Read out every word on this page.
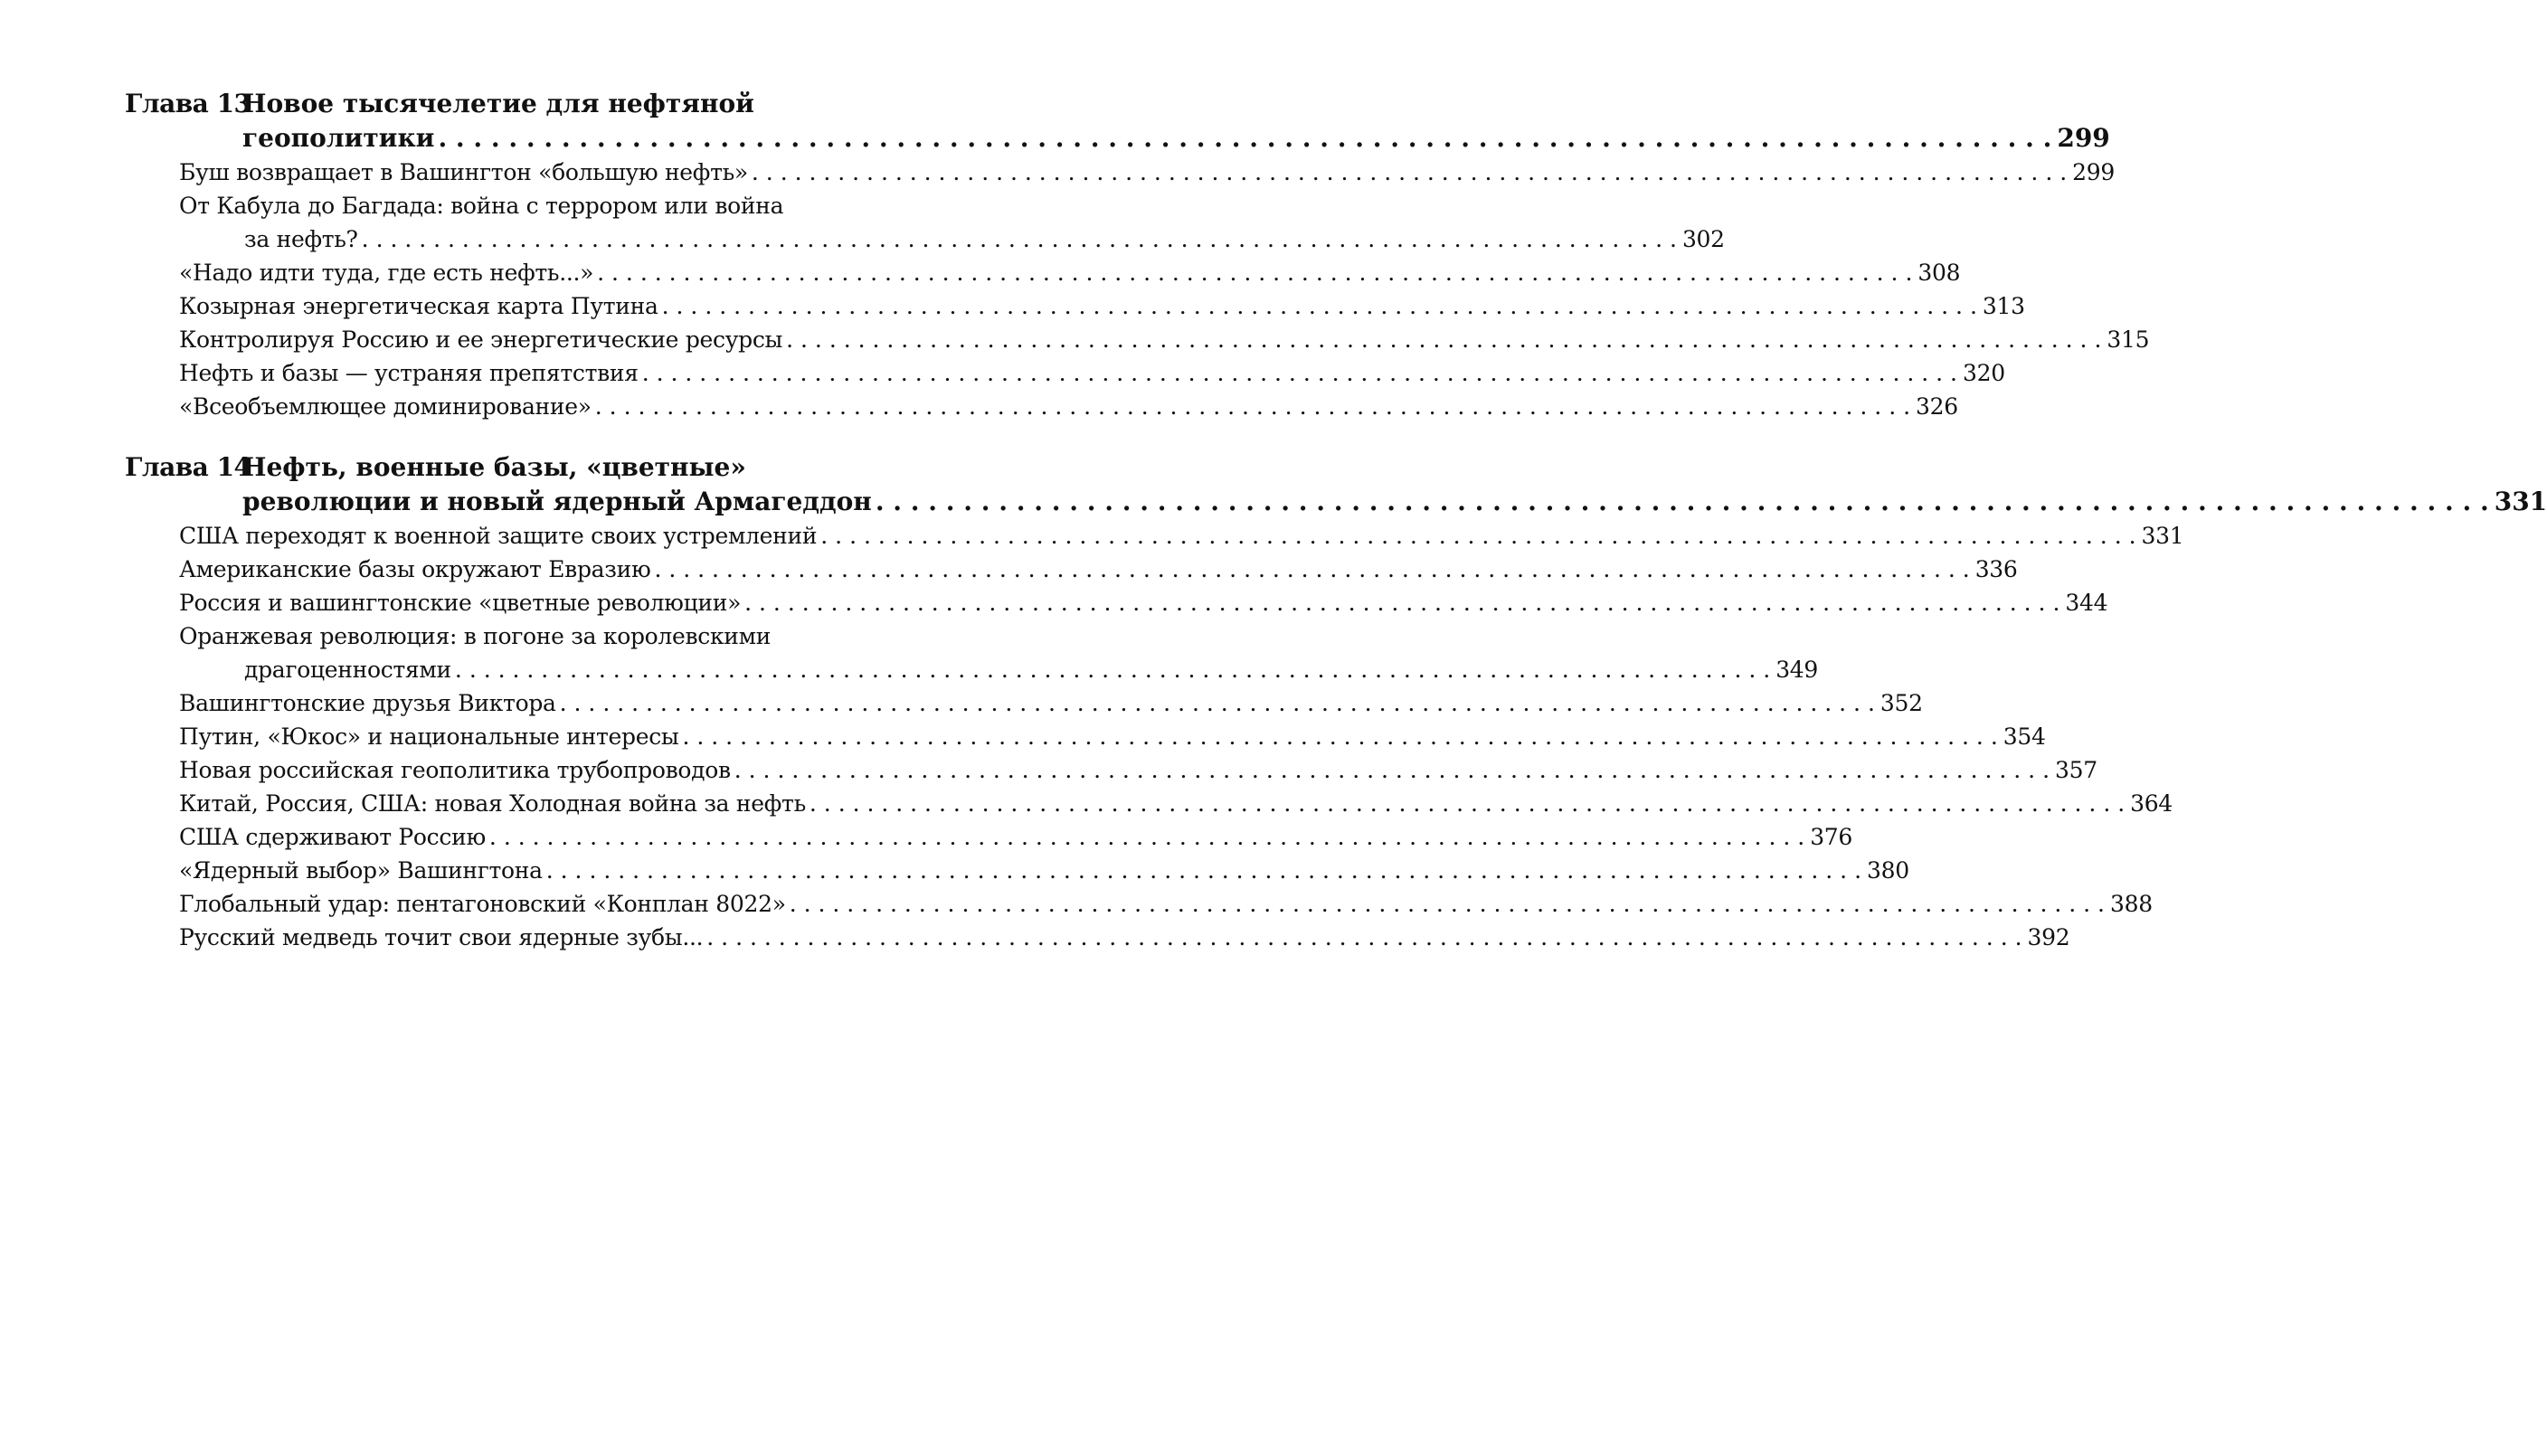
Глава 13
Новое тысячелетие для нефтяной
геополитики . . .	299
Буш возвращает в Вашингтон «большую нефть» . . .	299
От Кабула до Багдада: война с террором или война
за нефть? . . .	302
«Надо идти туда, где есть нефть...» . . .	308
Козырная энергетическая карта Путина . . .	313
Контролируя Россию и ее энергетические ресурсы . . .	315
Нефть и базы — устраняя препятствия . . .	320
«Всеобъемлющее доминирование» . . .	326
Глава 14
Нефть, военные базы, «цветные»
революции и новый ядерный Армагеддон . . .	331
США переходят к военной защите своих устремлений . . .	331
Американские базы окружают Евразию . . .	336
Россия и вашингтонские «цветные революции» . . .	344
Оранжевая революция: в погоне за королевскими
драгоценностями . . .	349
Вашингтонские друзья Виктора . . .	352
Путин, «Юкос» и национальные интересы . . .	354
Новая российская геополитика трубопроводов . . .	357
Китай, Россия, США: новая Холодная война за нефть . . .	364
США сдерживают Россию . . .	376
«Ядерный выбор» Вашингтона . . .	380
Глобальный удар: пентагоновский «Конплан 8022» . . .	388
Русский медведь точит свои ядерные зубы... . . .	392
